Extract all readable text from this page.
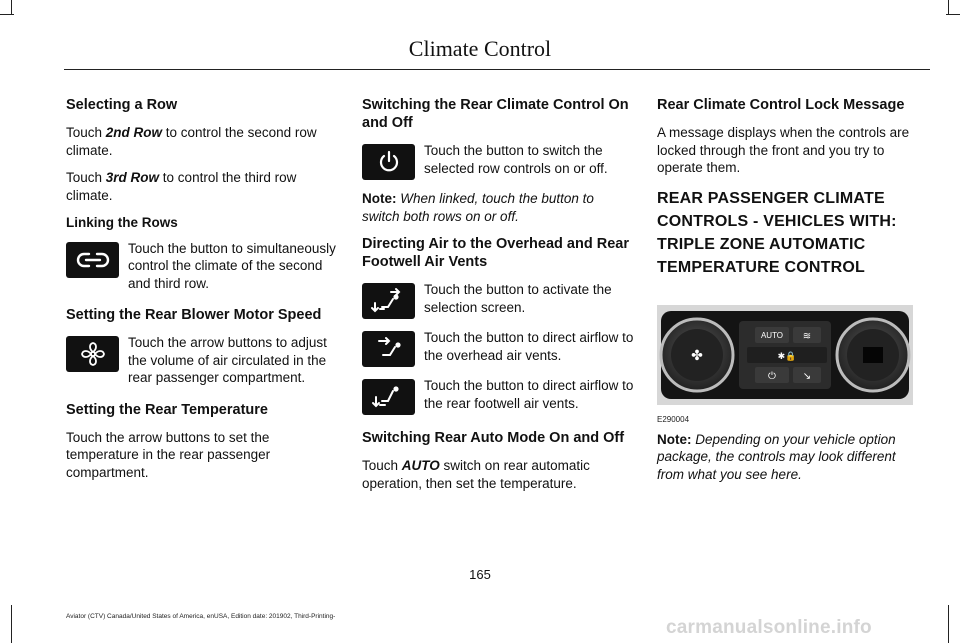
Climate Control
Selecting a Row

Touch 2nd Row to control the second row climate.

Touch 3rd Row to control the third row climate.

Linking the Rows
Touch the button to simultaneously control the climate of the second and third row.
Setting the Rear Blower Motor Speed
Touch the arrow buttons to adjust the volume of air circulated in the rear passenger compartment.
Setting the Rear Temperature

Touch the arrow buttons to set the temperature in the rear passenger compartment.

Switching the Rear Climate Control On and Off
Touch the button to switch the selected row controls on or off.

Note: When linked, touch the button to switch both rows on or off.

Directing Air to the Overhead and Rear Footwell Air Vents
Touch the button to activate the selection screen.
Touch the button to direct airflow to the overhead air vents.
Touch the button to direct airflow to the rear footwell air vents.
Switching Rear Auto Mode On and Off

Touch AUTO switch on rear automatic operation, then set the temperature.

Rear Climate Control Lock Message

A message displays when the controls are locked through the front and you try to operate them.

REAR PASSENGER CLIMATE
CONTROLS - VEHICLES WITH:
TRIPLE ZONE AUTOMATIC
TEMPERATURE CONTROL
✤
AUTO ≋
✱🔒
⏻	↘
E290004

Note: Depending on your vehicle option package, the controls may look different from what you see here.

165
Aviator (CTV) Canada/United States of America, enUSA, Edition date: 201902, Third-Printing-
carmanualsonline.info
